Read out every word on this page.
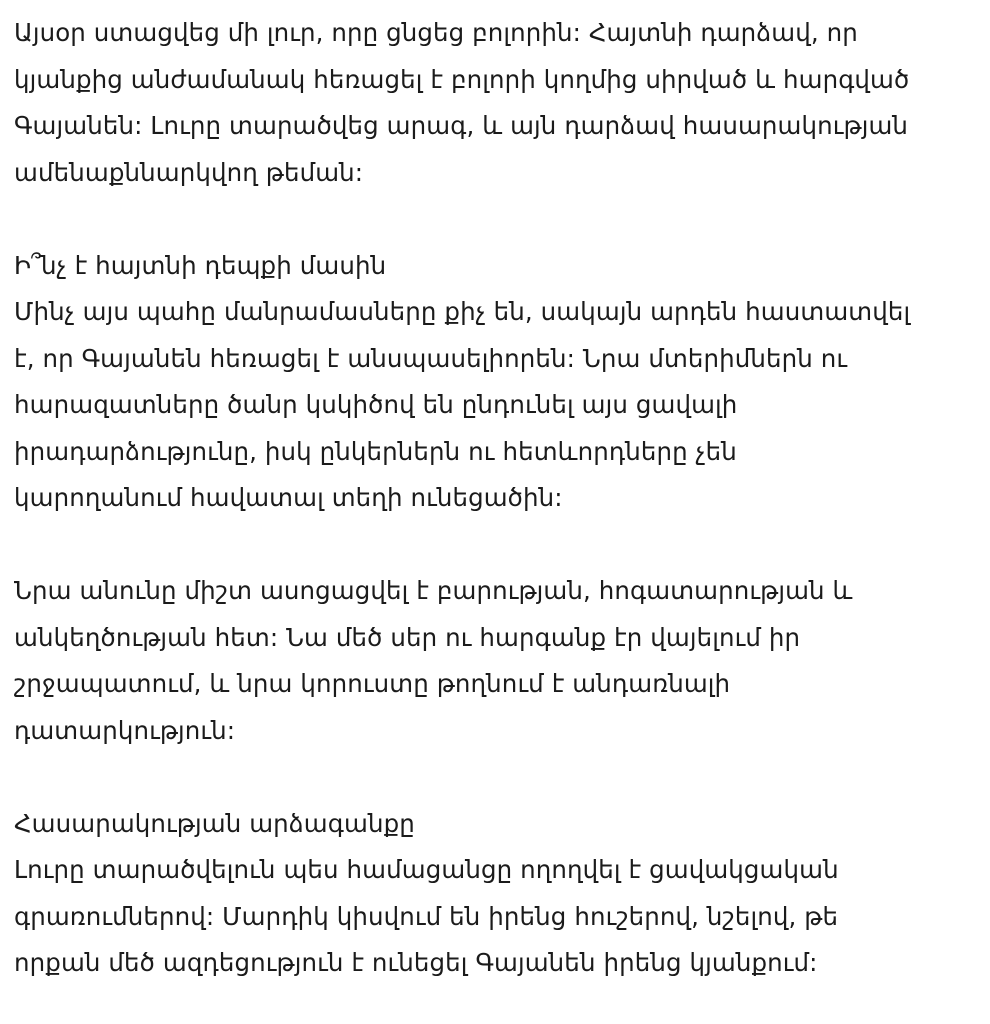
Այսօր ստացվեց մի լուր, որը ցնցեց բոլորին: Հայտնի դարձավ, որ
կյանքից անժամանակ հեռացել է բոլորի կողմից սիրված և հարգված
Գայանեն: Լուրը տարածվեց արագ, և այն դարձավ հասարակության
ամենաքննարկվող թեման:

Ի՞նչ է հայտնի դեպքի մասին
Մինչ այս պահը մանրամասները քիչ են, սակայն արդեն հաստատվել
է, որ Գայանեն հեռացել է անսպասելիորեն: Նրա մտերիմներն ու
հարազատները ծանր կսկիծով են ընդունել այս ցավալի
իրադարձությունը, իսկ ընկերներն ու հետևորդները չեն
կարողանում հավատալ տեղի ունեցածին:

Նրա անունը միշտ ասոցացվել է բարության, հոգատարության և
անկեղծության հետ: Նա մեծ սեր ու հարգանք էր վայելում իր
շրջապատում, և նրա կորուստը թողնում է անդառնալի
դատարկություն:

Հասարակության արձագանքը
Լուրը տարածվելուն պես համացանցը ողողվել է ցավակցական
գրառումներով: Մարդիկ կիսվում են իրենց հուշերով, նշելով, թե
որքան մեծ ազդեցություն է ունեցել Գայանեն իրենց կյանքում:
